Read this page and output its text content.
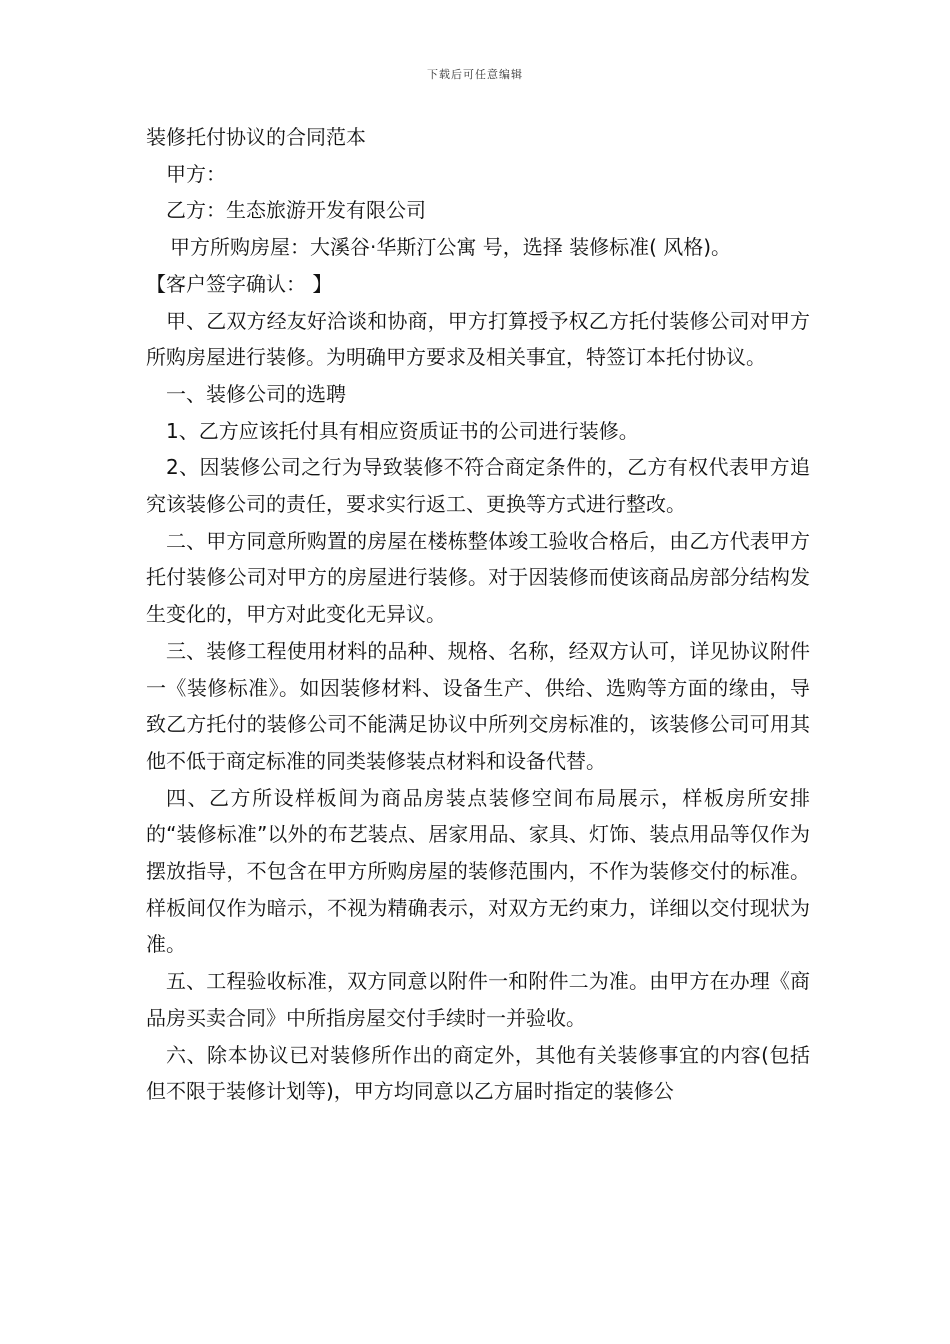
下载后可任意编辑

装修托付协议的合同范本

甲方：

乙方：生态旅游开发有限公司

甲方所购房屋：大溪谷·华斯汀公寓 号，选择 装修标准( 风格)。

【客户签字确认： 】

甲、乙双方经友好洽谈和协商，甲方打算授予权乙方托付装修公司对甲方所购房屋进行装修。为明确甲方要求及相关事宜，特签订本托付协议。

一、装修公司的选聘

1、乙方应该托付具有相应资质证书的公司进行装修。

2、因装修公司之行为导致装修不符合商定条件的，乙方有权代表甲方追究该装修公司的责任，要求实行返工、更换等方式进行整改。

二、甲方同意所购置的房屋在楼栋整体竣工验收合格后，由乙方代表甲方托付装修公司对甲方的房屋进行装修。对于因装修而使该商品房部分结构发生变化的，甲方对此变化无异议。

三、装修工程使用材料的品种、规格、名称，经双方认可，详见协议附件一《装修标准》。如因装修材料、设备生产、供给、选购等方面的缘由，导致乙方托付的装修公司不能满足协议中所列交房标准的，该装修公司可用其他不低于商定标准的同类装修装点材料和设备代替。

四、乙方所设样板间为商品房装点装修空间布局展示，样板房所安排的“装修标准”以外的布艺装点、居家用品、家具、灯饰、装点用品等仅作为摆放指导，不包含在甲方所购房屋的装修范围内，不作为装修交付的标准。样板间仅作为暗示，不视为精确表示，对双方无约束力，详细以交付现状为准。

五、工程验收标准，双方同意以附件一和附件二为准。由甲方在办理《商品房买卖合同》中所指房屋交付手续时一并验收。

六、除本协议已对装修所作出的商定外，其他有关装修事宜的内容(包括但不限于装修计划等)，甲方均同意以乙方届时指定的装修公
